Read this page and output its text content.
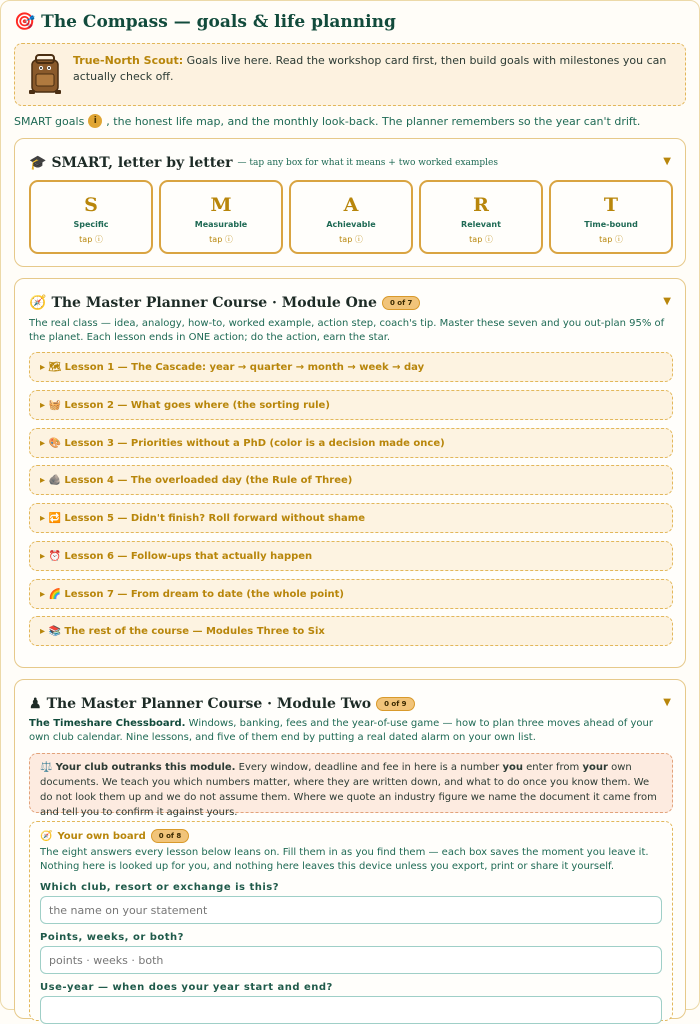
🎯 The Compass — goals & life planning
True-North Scout: Goals live here. Read the workshop card first, then build goals with milestones you can actually check off.
SMART goals	i , the honest life map, and the monthly look-back. The planner remembers so the year can't drift.
🎓 SMART, letter by letter — tap any box for what it means + two worked examples	▼
S
Specific
tap ⓘ
M
Measurable
tap ⓘ
A
Achievable
tap ⓘ
R
Relevant
tap ⓘ
T
Time-bound
tap ⓘ
🧭 The Master Planner Course · Module One	0 of 7	▼
The real class — idea, analogy, how-to, worked example, action step, coach's tip. Master these seven and you out-plan 95% of the planet. Each lesson ends in ONE action; do the action, earn the star.
▸ 🗺 Lesson 1 — The Cascade: year → quarter → month → week → day
▸ 🧺 Lesson 2 — What goes where (the sorting rule)
▸ 🎨 Lesson 3 — Priorities without a PhD (color is a decision made once)
▸ 🪨 Lesson 4 — The overloaded day (the Rule of Three)
▸ 🔁 Lesson 5 — Didn't finish? Roll forward without shame
▸ ⏰ Lesson 6 — Follow-ups that actually happen
▸ 🌈 Lesson 7 — From dream to date (the whole point)
▸ 📚 The rest of the course — Modules Three to Six
♟ The Master Planner Course · Module Two	0 of 9	▼
The Timeshare Chessboard. Windows, banking, fees and the year-of-use game — how to plan three moves ahead of your own club calendar. Nine lessons, and five of them end by putting a real dated alarm on your own list.
⚖️ Your club outranks this module. Every window, deadline and fee in here is a number you enter from your own documents. We teach you which numbers matter, where they are written down, and what to do once you know them. We do not look them up and we do not assume them. Where we quote an industry figure we name the document it came from and tell you to confirm it against yours.
🧭 Your own board	0 of 8
The eight answers every lesson below leans on. Fill them in as you find them — each box saves the moment you leave it. Nothing here is looked up for you, and nothing here leaves this device unless you export, print or share it yourself.
Which club, resort or exchange is this?
the name on your statement
Points, weeks, or both?
points · weeks · both
Use-year — when does your year start and end?
